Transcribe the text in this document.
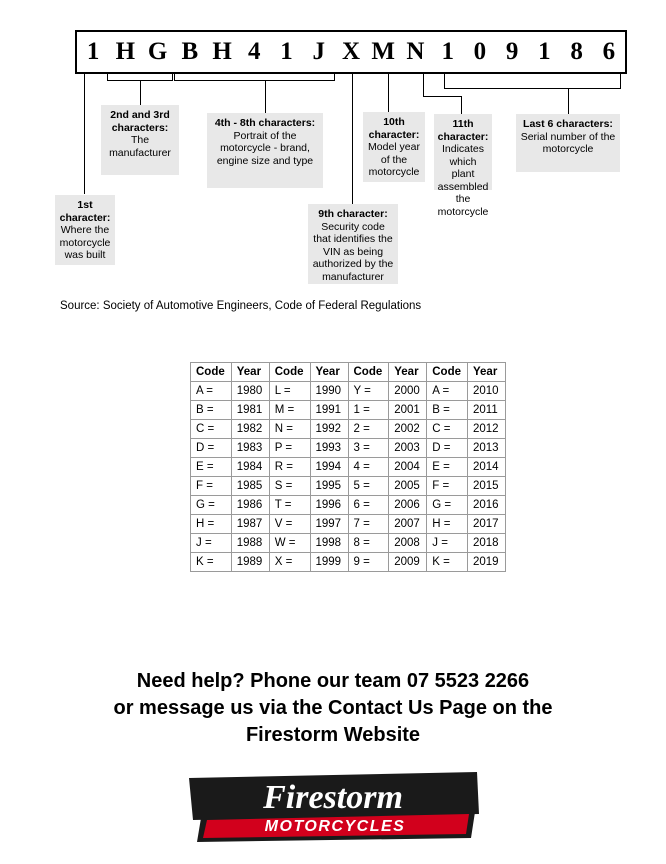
1 H G B H 4 1 J X M N 1 0 9 1 8 6
1st character:
Where the motorcycle was built
2nd and 3rd characters:
The manufacturer
4th - 8th characters:
Portrait of the motorcycle - brand, engine size and type
9th character:
Security code that identifies the VIN as being authorized by the manufacturer
10th character:
Model year of the motorcycle
11th character:
Indicates which plant assembled the motorcycle
Last 6 characters:
Serial number of the motorcycle
Source: Society of Automotive Engineers, Code of Federal Regulations
Code	Year	Code	Year	Code	Year	Code	Year
A =	1980	L =	1990	Y =	2000	A =	2010
B =	1981	M =	1991	1 =	2001	B =	2011
C =	1982	N =	1992	2 =	2002	C =	2012
D =	1983	P =	1993	3 =	2003	D =	2013
E =	1984	R =	1994	4 =	2004	E =	2014
F =	1985	S =	1995	5 =	2005	F =	2015
G =	1986	T =	1996	6 =	2006	G =	2016
H =	1987	V =	1997	7 =	2007	H =	2017
J =	1988	W =	1998	8 =	2008	J =	2018
K =	1989	X =	1999	9 =	2009	K =	2019
Need help? Phone our team 07 5523 2266
or message us via the Contact Us Page on the
Firestorm Website
Firestorm
MOTORCYCLES
